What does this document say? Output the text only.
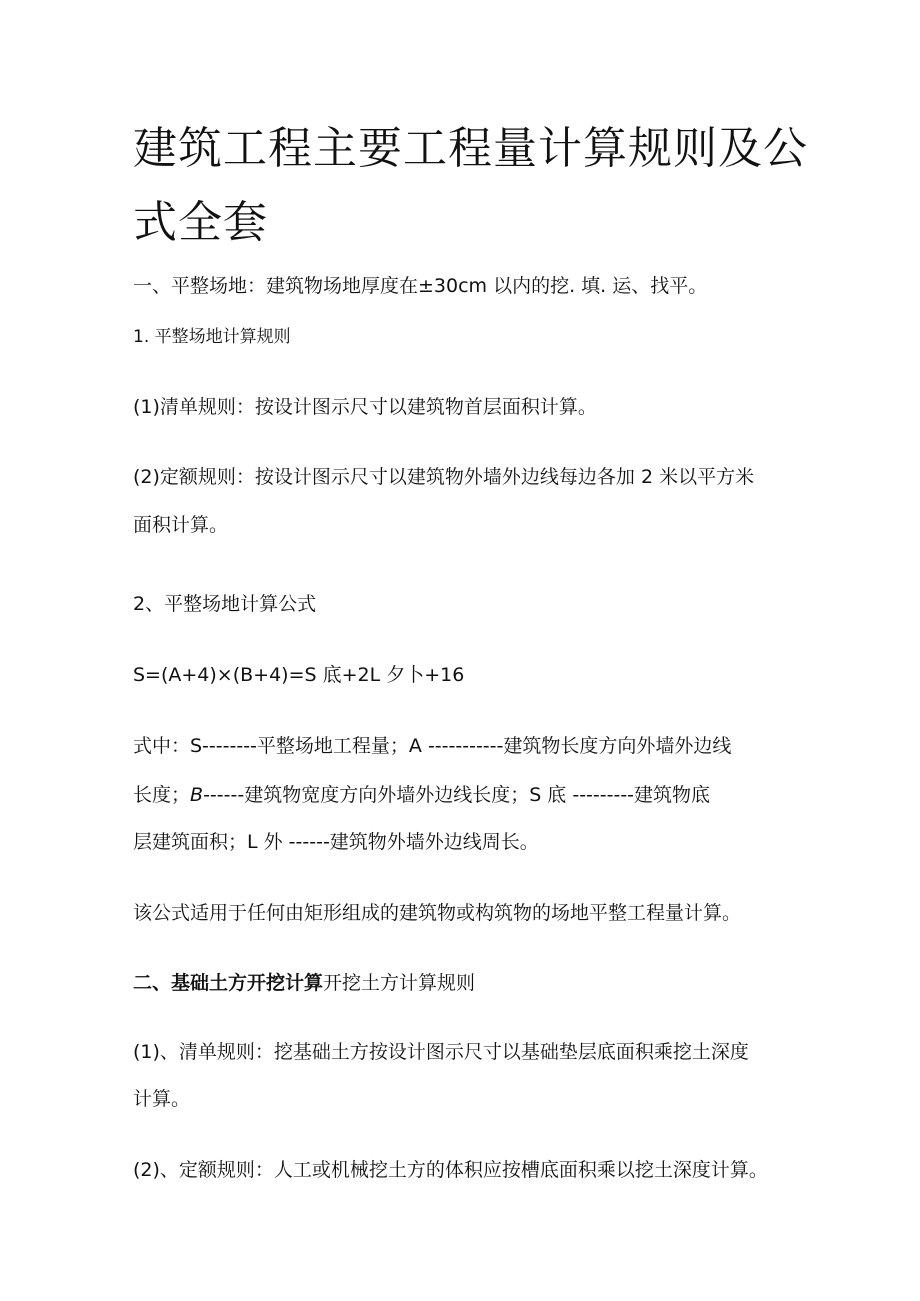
建筑工程主要工程量计算规则及公
式全套

一、平整场地：建筑物场地厚度在±30cm 以内的挖. 填. 运、找平。

1. 平整场地计算规则

(1)清单规则：按设计图示尺寸以建筑物首层面积计算。

(2)定额规则：按设计图示尺寸以建筑物外墙外边线每边各加 2 米以平方米

面积计算。

2、平整场地计算公式

S=(A+4)×(B+4)=S 底+2L 夕卜+16

式中：S--------平整场地工程量；A -----------建筑物长度方向外墙外边线

长度；B------建筑物宽度方向外墙外边线长度；S 底 ---------建筑物底

层建筑面积；L 外 ------建筑物外墙外边线周长。

该公式适用于任何由矩形组成的建筑物或构筑物的场地平整工程量计算。

二、基础土方开挖计算开挖土方计算规则

(1)、清单规则：挖基础土方按设计图示尺寸以基础垫层底面积乘挖土深度

计算。

(2)、定额规则：人工或机械挖土方的体积应按槽底面积乘以挖土深度计算。
